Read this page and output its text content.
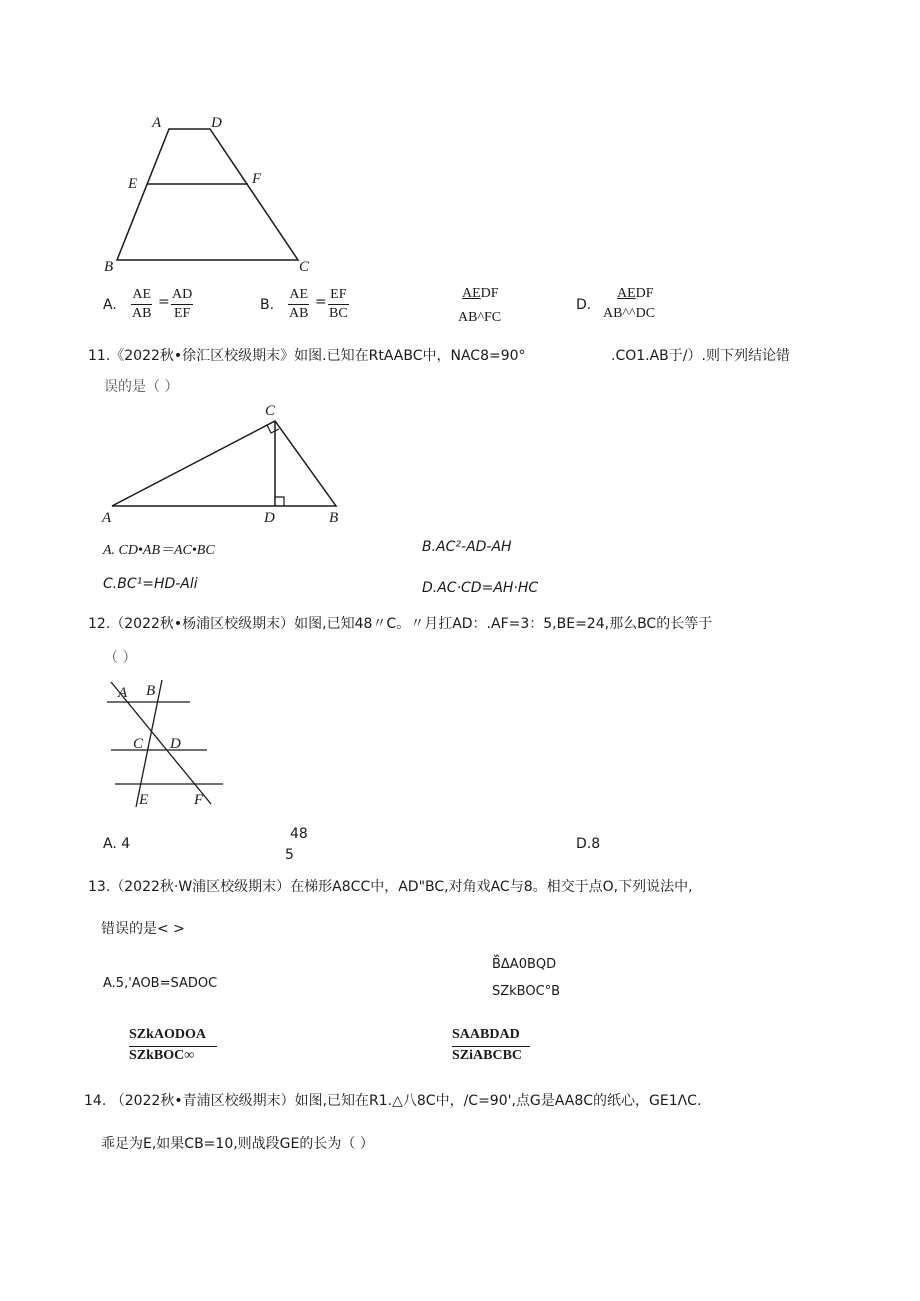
A	D
E	F
B	C
A. $\frac{AE}{AB} = \frac{AD}{EF}$	B. $\frac{AE}{AB} = \frac{EF}{BC}$	AEDF
AB^FC
D.
AEDF
AB^^DC
11.《2022秋•徐汇区校级期末》如图.已知在RtAABC中，NAC8=90°	.CO1.AB于/）.则下列结论错
误的是（ ）
C
A	D	B
A. CD•AB＝AC•BC	B.AC²-AD-AH
C.BC¹=HD-Ali	D.AC·CD=AH·HC
12.（2022秋•杨浦区校级期末）如图,已知48〃C。〃月扛AD：.AF=3：5,BE=24,那么BC的长等于
（ ）
A B
C D
E	F
A. 4
48
5
D.8
13.（2022秋·W浦区校级期末）在梯形A8CC中，AD"BC,对角戏AC与8。相交于点O,下列说法中,
错误的是< >
A.5,'AOB=SADOC
B᷈ΔA0BQD
SZkBOC°B
SZkAODOA
SZkBOC∞
SAABDAD
SZiABCBC
14. （2022秋•青浦区校级期末）如图,已知在R1.△八8C中，/C=90',点G是AA8C的纸心，GE1ΛC.
乖足为E,如果CB=10,则战段GE的长为（ ）
